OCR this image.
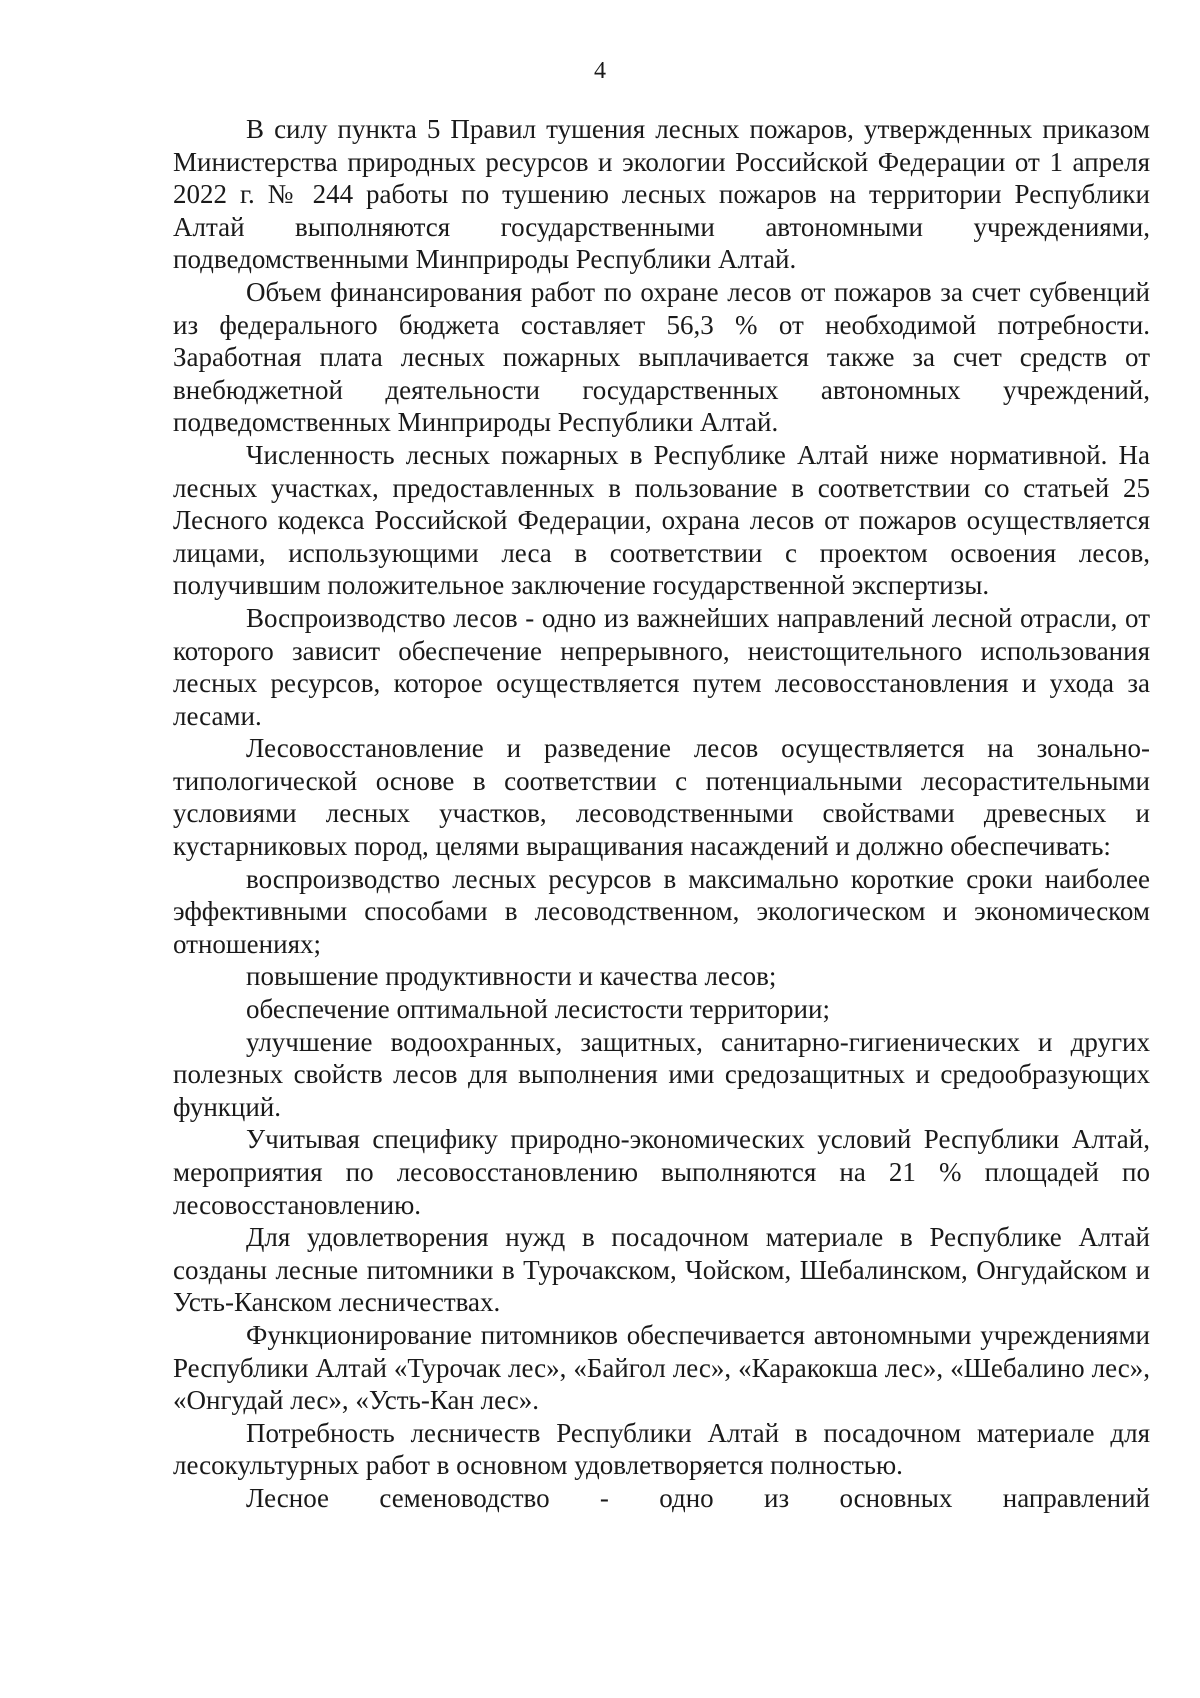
4

В силу пункта 5 Правил тушения лесных пожаров, утвержденных приказом Министерства природных ресурсов и экологии Российской Федерации от 1 апреля 2022 г. № 244 работы по тушению лесных пожаров на территории Республики Алтай выполняются государственными автономными учреждениями, подведомственными Минприроды Республики Алтай.

Объем финансирования работ по охране лесов от пожаров за счет субвенций из федерального бюджета составляет 56,3 % от необходимой потребности. Заработная плата лесных пожарных выплачивается также за счет средств от внебюджетной деятельности государственных автономных учреждений, подведомственных Минприроды Республики Алтай.

Численность лесных пожарных в Республике Алтай ниже нормативной. На лесных участках, предоставленных в пользование в соответствии со статьей 25 Лесного кодекса Российской Федерации, охрана лесов от пожаров осуществляется лицами, использующими леса в соответствии с проектом освоения лесов, получившим положительное заключение государственной экспертизы.

Воспроизводство лесов - одно из важнейших направлений лесной отрасли, от которого зависит обеспечение непрерывного, неистощительного использования лесных ресурсов, которое осуществляется путем лесовосстановления и ухода за лесами.

Лесовосстановление и разведение лесов осуществляется на зонально-типологической основе в соответствии с потенциальными лесорастительными условиями лесных участков, лесоводственными свойствами древесных и кустарниковых пород, целями выращивания насаждений и должно обеспечивать:

воспроизводство лесных ресурсов в максимально короткие сроки наиболее эффективными способами в лесоводственном, экологическом и экономическом отношениях;

повышение продуктивности и качества лесов;

обеспечение оптимальной лесистости территории;

улучшение водоохранных, защитных, санитарно-гигиенических и других полезных свойств лесов для выполнения ими средозащитных и средообразующих функций.

Учитывая специфику природно-экономических условий Республики Алтай, мероприятия по лесовосстановлению выполняются на 21 % площадей по лесовосстановлению.

Для удовлетворения нужд в посадочном материале в Республике Алтай созданы лесные питомники в Турочакском, Чойском, Шебалинском, Онгудайском и Усть-Канском лесничествах.

Функционирование питомников обеспечивается автономными учреждениями Республики Алтай «Турочак лес», «Байгол лес», «Каракокша лес», «Шебалино лес», «Онгудай лес», «Усть-Кан лес».

Потребность лесничеств Республики Алтай в посадочном материале для лесокультурных работ в основном удовлетворяется полностью.

Лесное семеноводство - одно из основных направлений
